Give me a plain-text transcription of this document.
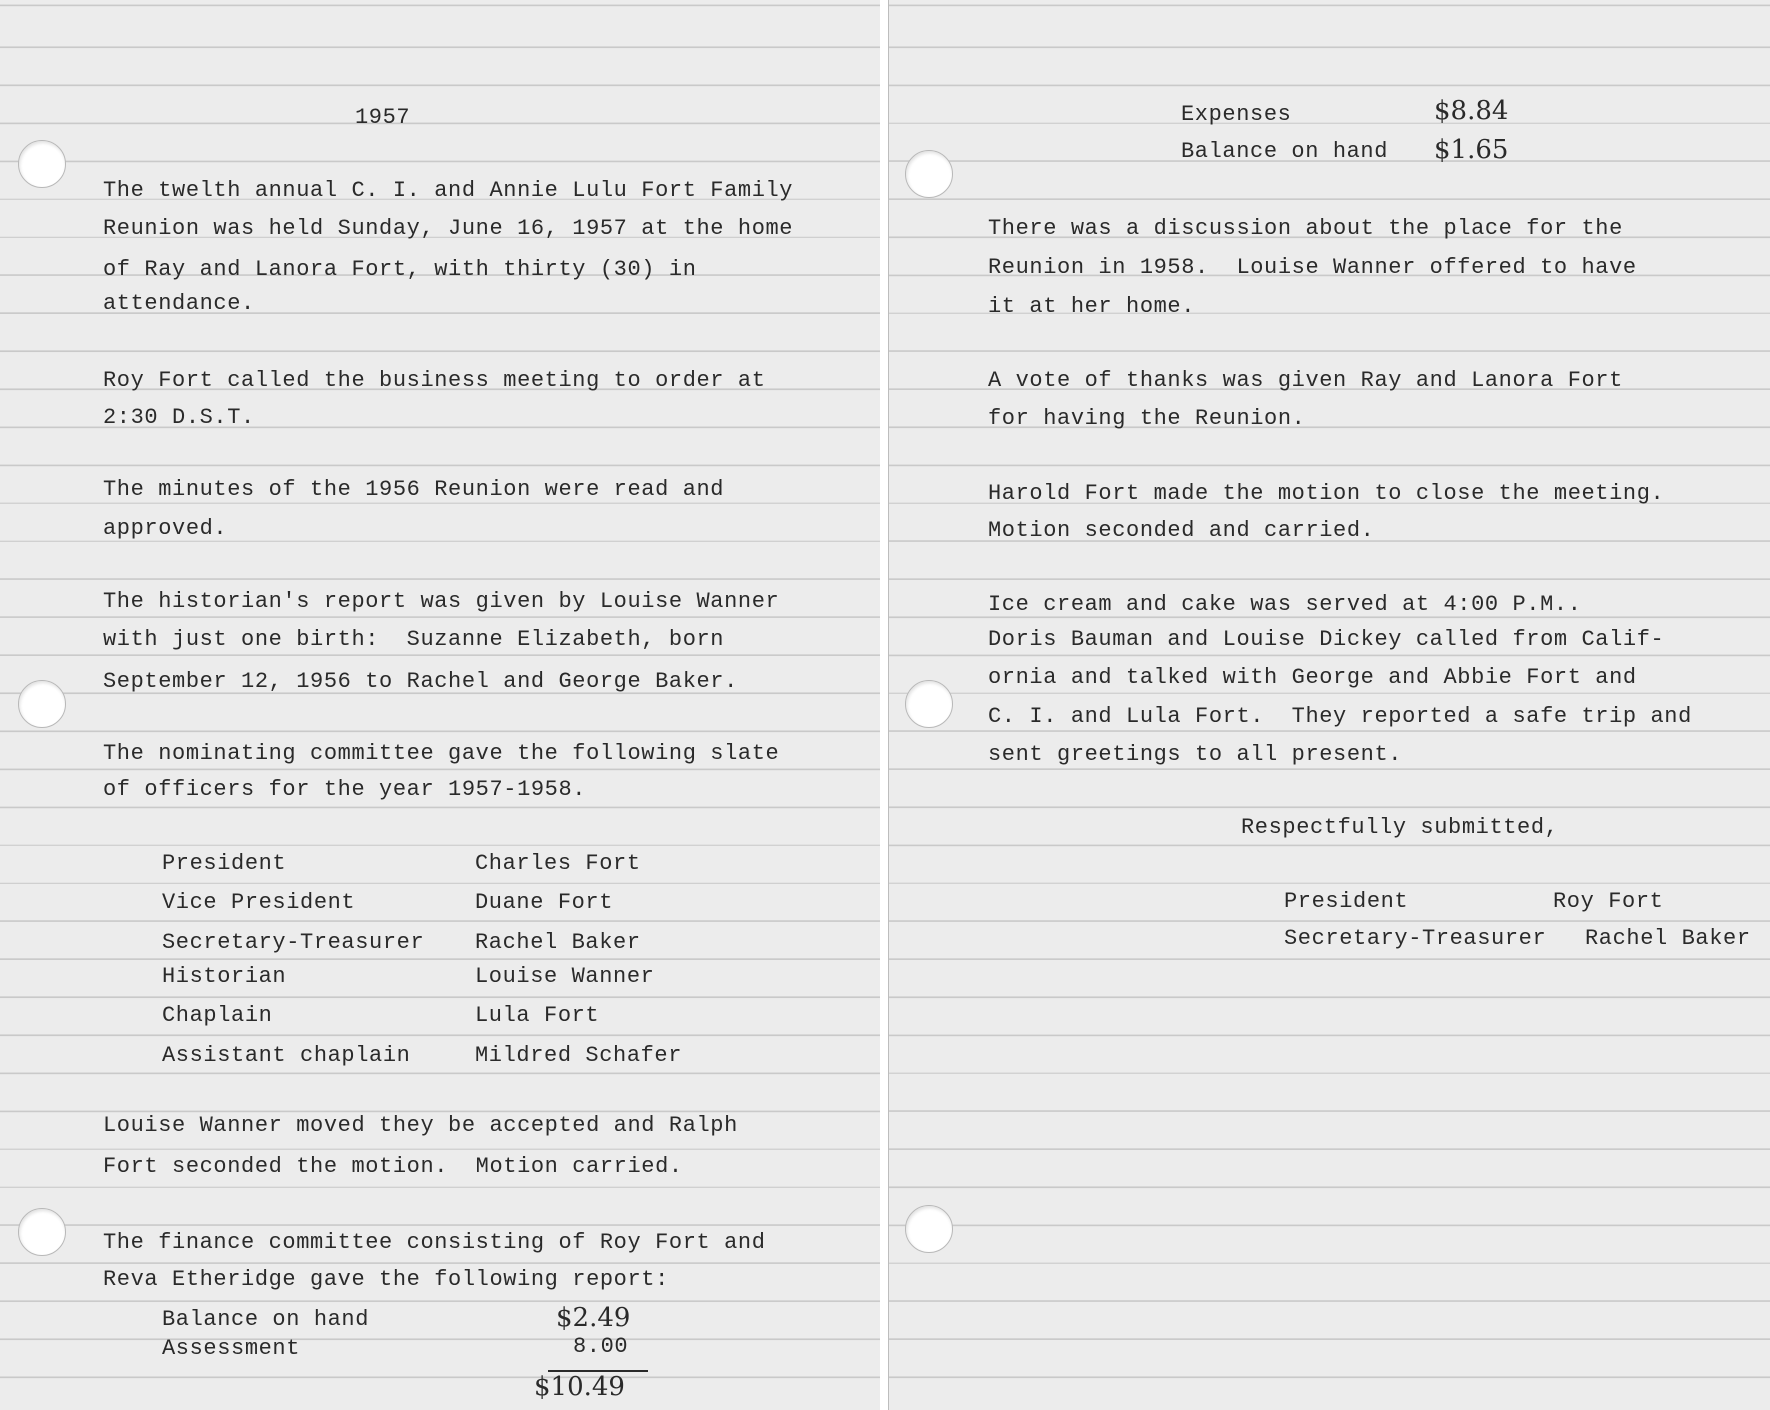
1957
The twelth annual C. I. and Annie Lulu Fort Family
Reunion was held Sunday, June 16, 1957 at the home
of Ray and Lanora Fort, with thirty (30) in
attendance.
Roy Fort called the business meeting to order at
2:30 D.S.T.
The minutes of the 1956 Reunion were read and
approved.
The historian's report was given by Louise Wanner
with just one birth:  Suzanne Elizabeth, born
September 12, 1956 to Rachel and George Baker.
The nominating committee gave the following slate
of officers for the year 1957-1958.
President	Charles Fort
Vice President	Duane Fort
Secretary-Treasurer Rachel Baker
Historian	Louise Wanner
Chaplain	Lula Fort
Assistant chaplain	Mildred Schafer
Louise Wanner moved they be accepted and Ralph
Fort seconded the motion.  Motion carried.
The finance committee consisting of Roy Fort and
Reva Etheridge gave the following report:
Balance on hand	$2.49
Assessment	8.00
$10.49
Expenses	$8.84
Balance on hand $1.65
There was a discussion about the place for the
Reunion in 1958.  Louise Wanner offered to have
it at her home.
A vote of thanks was given Ray and Lanora Fort
for having the Reunion.
Harold Fort made the motion to close the meeting.
Motion seconded and carried.
Ice cream and cake was served at 4:00 P.M..
Doris Bauman and Louise Dickey called from Calif-
ornia and talked with George and Abbie Fort and
C. I. and Lula Fort.  They reported a safe trip and
sent greetings to all present.
Respectfully submitted,
President	Roy Fort
Secretary-Treasurer Rachel Baker
